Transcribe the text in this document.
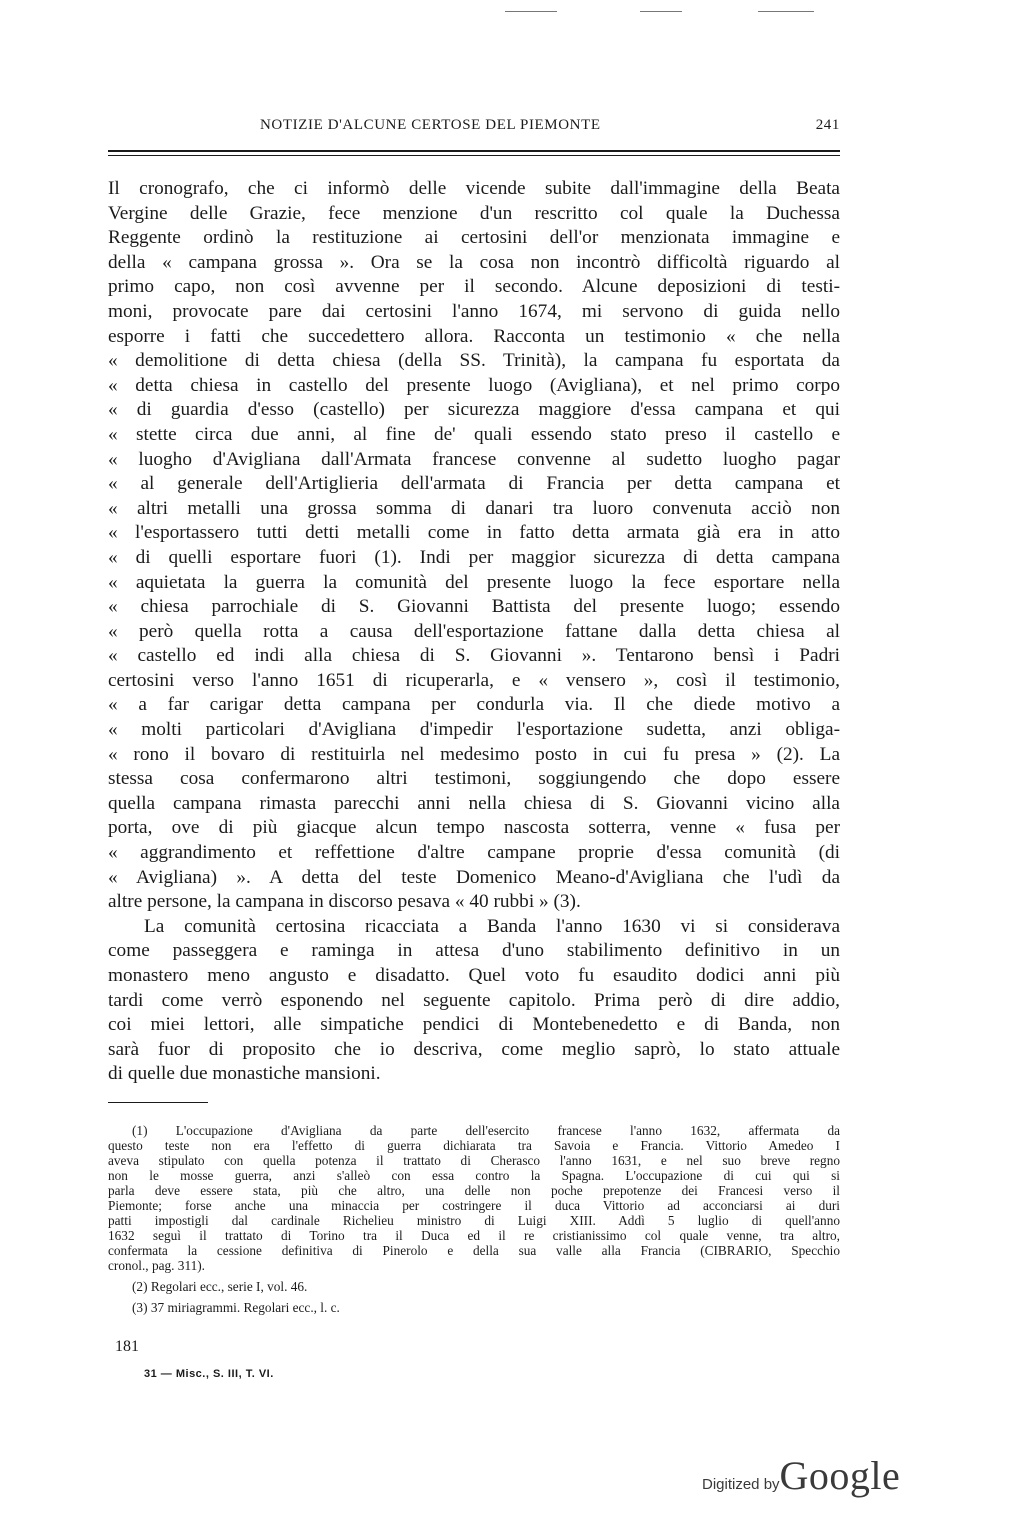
NOTIZIE D'ALCUNE CERTOSE DEL PIEMONTE	241
Il cronografo, che ci informò delle vicende subite dall'immagine della Beata
Vergine delle Grazie, fece menzione d'un rescritto col quale la Duchessa
Reggente ordinò la restituzione ai certosini dell'or menzionata immagine e
della « campana grossa ». Ora se la cosa non incontrò difficoltà riguardo al
primo capo, non così avvenne per il secondo. Alcune deposizioni di testi-
moni, provocate pare dai certosini l'anno 1674, mi servono di guida nello
esporre i fatti che succedettero allora. Racconta un testimonio « che nella
« demolitione di detta chiesa (della SS. Trinità), la campana fu esportata da
« detta chiesa in castello del presente luogo (Avigliana), et nel primo corpo
« di guardia d'esso (castello) per sicurezza maggiore d'essa campana et qui
« stette circa due anni, al fine de' quali essendo stato preso il castello e
« luogho d'Avigliana dall'Armata francese convenne al sudetto luogho pagar
« al generale dell'Artiglieria dell'armata di Francia per detta campana et
« altri metalli una grossa somma di danari tra luoro convenuta acciò non
« l'esportassero tutti detti metalli come in fatto detta armata già era in atto
« di quelli esportare fuori (1). Indi per maggior sicurezza di detta campana
« aquietata la guerra la comunità del presente luogo la fece esportare nella
« chiesa parrochiale di S. Giovanni Battista del presente luogo; essendo
« però quella rotta a causa dell'esportazione fattane dalla detta chiesa al
« castello ed indi alla chiesa di S. Giovanni ». Tentarono bensì i Padri
certosini verso l'anno 1651 di ricuperarla, e « vensero », così il testimonio,
« a far carigar detta campana per condurla via. Il che diede motivo a
« molti particolari d'Avigliana d'impedir l'esportazione sudetta, anzi obliga-
« rono il bovaro di restituirla nel medesimo posto in cui fu presa » (2). La
stessa cosa confermarono altri testimoni, soggiungendo che dopo essere
quella campana rimasta parecchi anni nella chiesa di S. Giovanni vicino alla
porta, ove di più giacque alcun tempo nascosta sotterra, venne « fusa per
« aggrandimento et reffettione d'altre campane proprie d'essa comunità (di
« Avigliana) ». A detta del teste Domenico Meano-d'Avigliana che l'udì da
altre persone, la campana in discorso pesava « 40 rubbi » (3).
La comunità certosina ricacciata a Banda l'anno 1630 vi si considerava
come passeggera e raminga in attesa d'uno stabilimento definitivo in un
monastero meno angusto e disadatto. Quel voto fu esaudito dodici anni più
tardi come verrò esponendo nel seguente capitolo. Prima però di dire addio,
coi miei lettori, alle simpatiche pendici di Montebenedetto e di Banda, non
sarà fuor di proposito che io descriva, come meglio saprò, lo stato attuale
di quelle due monastiche mansioni.
(1) L'occupazione d'Avigliana da parte dell'esercito francese l'anno 1632, affermata da
questo teste non era l'effetto di guerra dichiarata tra Savoia e Francia. Vittorio Amedeo I
aveva stipulato con quella potenza il trattato di Cherasco l'anno 1631, e nel suo breve regno
non le mosse guerra, anzi s'alleò con essa contro la Spagna. L'occupazione di cui qui si
parla deve essere stata, più che altro, una delle non poche prepotenze dei Francesi verso il
Piemonte; forse anche una minaccia per costringere il duca Vittorio ad acconciarsi ai duri
patti impostigli dal cardinale Richelieu ministro di Luigi XIII. Addì 5 luglio di quell'anno
1632 seguì il trattato di Torino tra il Duca ed il re cristianissimo col quale venne, tra altro,
confermata la cessione definitiva di Pinerolo e della sua valle alla Francia (CIBRARIO, Specchio
cronol., pag. 311).
(2) Regolari ecc., serie I, vol. 46.
(3) 37 miriagrammi. Regolari ecc., l. c.
181
31 — Misc., S. III, T. VI.
Digitized byGoogle
